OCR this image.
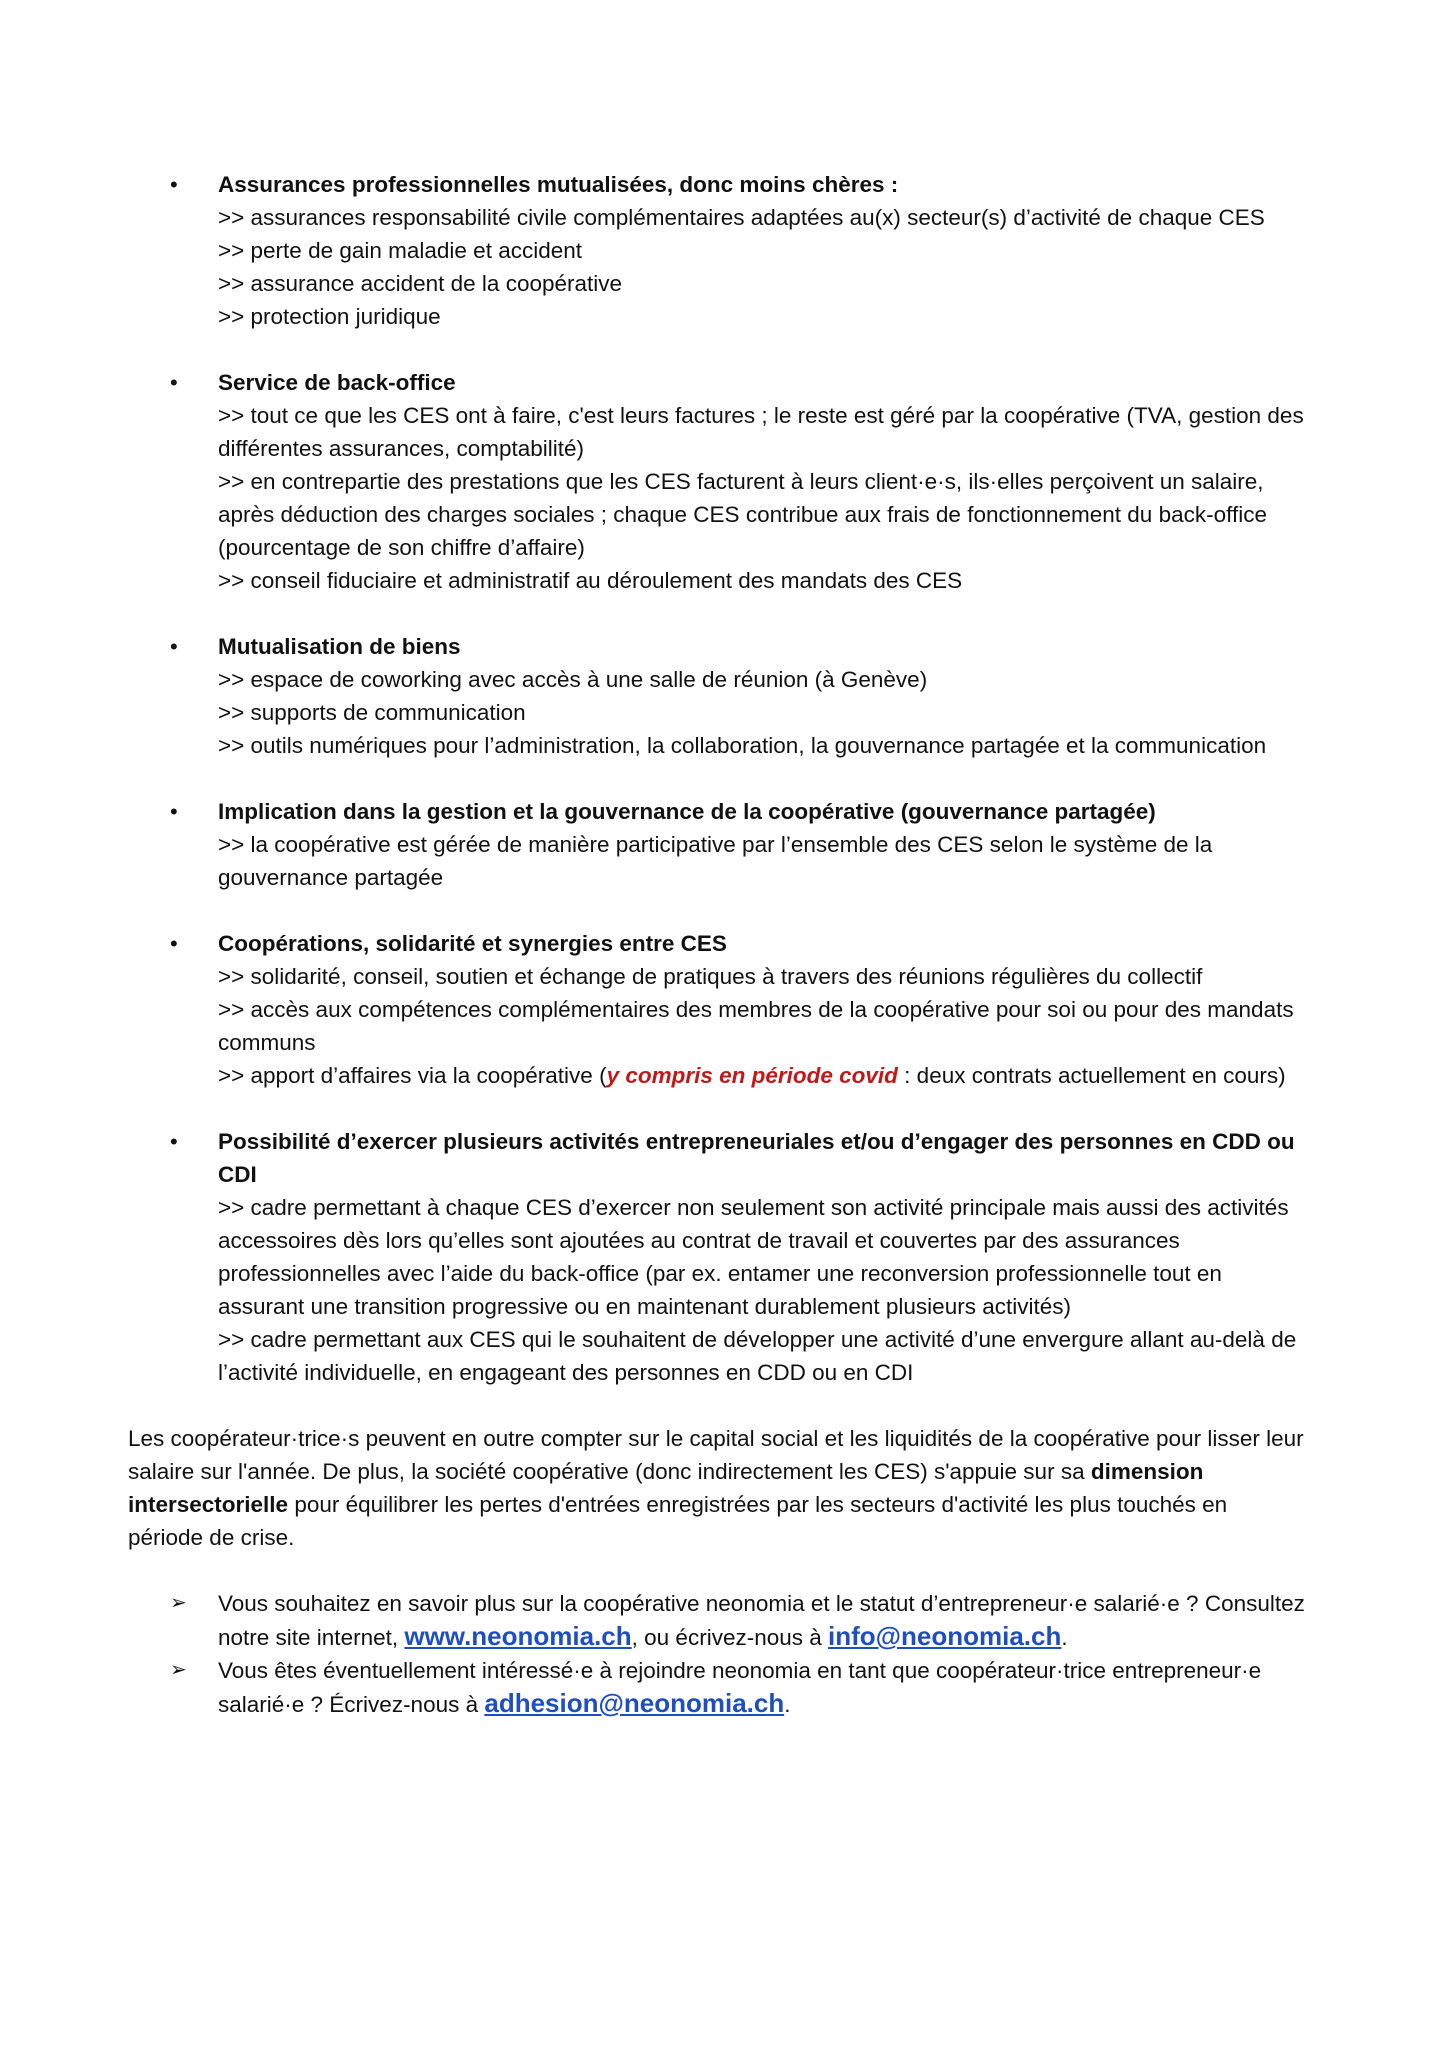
• Assurances professionnelles mutualisées, donc moins chères :
>> assurances responsabilité civile complémentaires adaptées au(x) secteur(s) d’activité de chaque CES
>> perte de gain maladie et accident
>> assurance accident de la coopérative
>> protection juridique
• Service de back-office
>> tout ce que les CES ont à faire, c'est leurs factures ; le reste est géré par la coopérative (TVA, gestion des différentes assurances, comptabilité)
>> en contrepartie des prestations que les CES facturent à leurs client·e·s, ils·elles perçoivent un salaire, après déduction des charges sociales ; chaque CES contribue aux frais de fonctionnement du back-office (pourcentage de son chiffre d’affaire)
>> conseil fiduciaire et administratif au déroulement des mandats des CES
• Mutualisation de biens
>> espace de coworking avec accès à une salle de réunion (à Genève)
>> supports de communication
>> outils numériques pour l’administration, la collaboration, la gouvernance partagée et la communication
• Implication dans la gestion et la gouvernance de la coopérative (gouvernance partagée)
>> la coopérative est gérée de manière participative par l’ensemble des CES selon le système de la gouvernance partagée
• Coopérations, solidarité et synergies entre CES
>> solidarité, conseil, soutien et échange de pratiques à travers des réunions régulières du collectif
>> accès aux compétences complémentaires des membres de la coopérative pour soi ou pour des mandats communs
>> apport d’affaires via la coopérative (y compris en période covid : deux contrats actuellement en cours)
• Possibilité d’exercer plusieurs activités entrepreneuriales et/ou d’engager des personnes en CDD ou CDI
>> cadre permettant à chaque CES d’exercer non seulement son activité principale mais aussi des activités accessoires dès lors qu’elles sont ajoutées au contrat de travail et couvertes par des assurances professionnelles avec l’aide du back-office (par ex. entamer une reconversion professionnelle tout en assurant une transition progressive ou en maintenant durablement plusieurs activités)
>> cadre permettant aux CES qui le souhaitent de développer une activité d’une envergure allant au-delà de l’activité individuelle, en engageant des personnes en CDD ou en CDI

Les coopérateur·trice·s peuvent en outre compter sur le capital social et les liquidités de la coopérative pour lisser leur salaire sur l'année. De plus, la société coopérative (donc indirectement les CES) s'appuie sur sa dimension intersectorielle pour équilibrer les pertes d'entrées enregistrées par les secteurs d'activité les plus touchés en période de crise.

➢ Vous souhaitez en savoir plus sur la coopérative neonomia et le statut d’entrepreneur·e salarié·e ? Consultez notre site internet, www.neonomia.ch, ou écrivez-nous à info@neonomia.ch.
➢ Vous êtes éventuellement intéressé·e à rejoindre neonomia en tant que coopérateur·trice entrepreneur·e salarié·e ? Écrivez-nous à adhesion@neonomia.ch.
